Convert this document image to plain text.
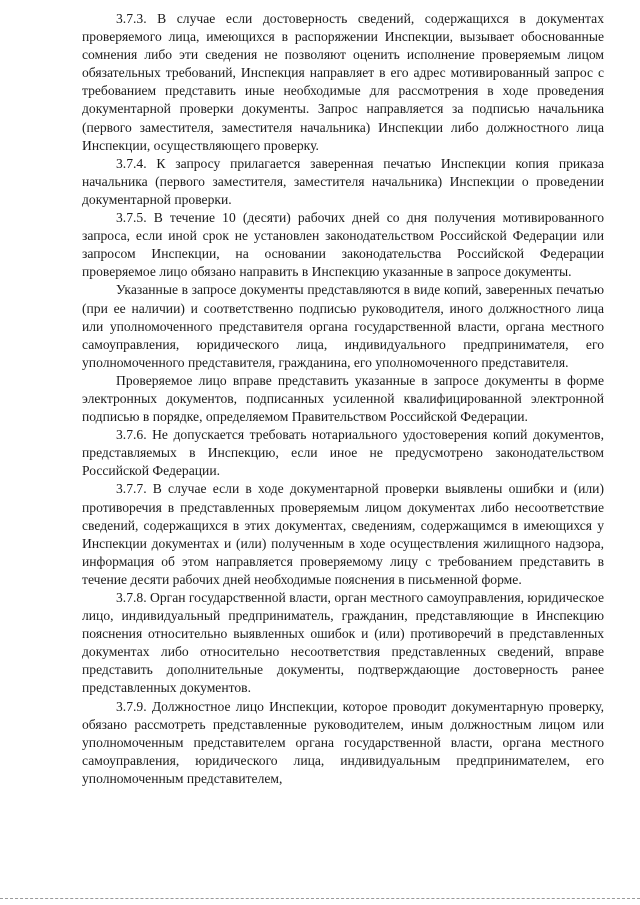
3.7.3. В случае если достоверность сведений, содержащихся в документах проверяемого лица, имеющихся в распоряжении Инспекции, вызывает обоснованные сомнения либо эти сведения не позволяют оценить исполнение проверяемым лицом обязательных требований, Инспекция направляет в его адрес мотивированный запрос с требованием представить иные необходимые для рассмотрения в ходе проведения документарной проверки документы. Запрос направляется за подписью начальника (первого заместителя, заместителя начальника) Инспекции либо должностного лица Инспекции, осуществляющего проверку.

3.7.4. К запросу прилагается заверенная печатью Инспекции копия приказа начальника (первого заместителя, заместителя начальника) Инспекции о проведении документарной проверки.

3.7.5. В течение 10 (десяти) рабочих дней со дня получения мотивированного запроса, если иной срок не установлен законодательством Российской Федерации или запросом Инспекции, на основании законодательства Российской Федерации проверяемое лицо обязано направить в Инспекцию указанные в запросе документы.

Указанные в запросе документы представляются в виде копий, заверенных печатью (при ее наличии) и соответственно подписью руководителя, иного должностного лица или уполномоченного представителя органа государственной власти, органа местного самоуправления, юридического лица, индивидуального предпринимателя, его уполномоченного представителя, гражданина, его уполномоченного представителя.

Проверяемое лицо вправе представить указанные в запросе документы в форме электронных документов, подписанных усиленной квалифицированной электронной подписью в порядке, определяемом Правительством Российской Федерации.

3.7.6. Не допускается требовать нотариального удостоверения копий документов, представляемых в Инспекцию, если иное не предусмотрено законодательством Российской Федерации.

3.7.7. В случае если в ходе документарной проверки выявлены ошибки и (или) противоречия в представленных проверяемым лицом документах либо несоответствие сведений, содержащихся в этих документах, сведениям, содержащимся в имеющихся у Инспекции документах и (или) полученным в ходе осуществления жилищного надзора, информация об этом направляется проверяемому лицу с требованием представить в течение десяти рабочих дней необходимые пояснения в письменной форме.

3.7.8. Орган государственной власти, орган местного самоуправления, юридическое лицо, индивидуальный предприниматель, гражданин, представляющие в Инспекцию пояснения относительно выявленных ошибок и (или) противоречий в представленных документах либо относительно несоответствия представленных сведений, вправе представить дополнительные документы, подтверждающие достоверность ранее представленных документов.

3.7.9. Должностное лицо Инспекции, которое проводит документарную проверку, обязано рассмотреть представленные руководителем, иным должностным лицом или уполномоченным представителем органа государственной власти, органа местного самоуправления, юридического лица, индивидуальным предпринимателем, его уполномоченным представителем,
